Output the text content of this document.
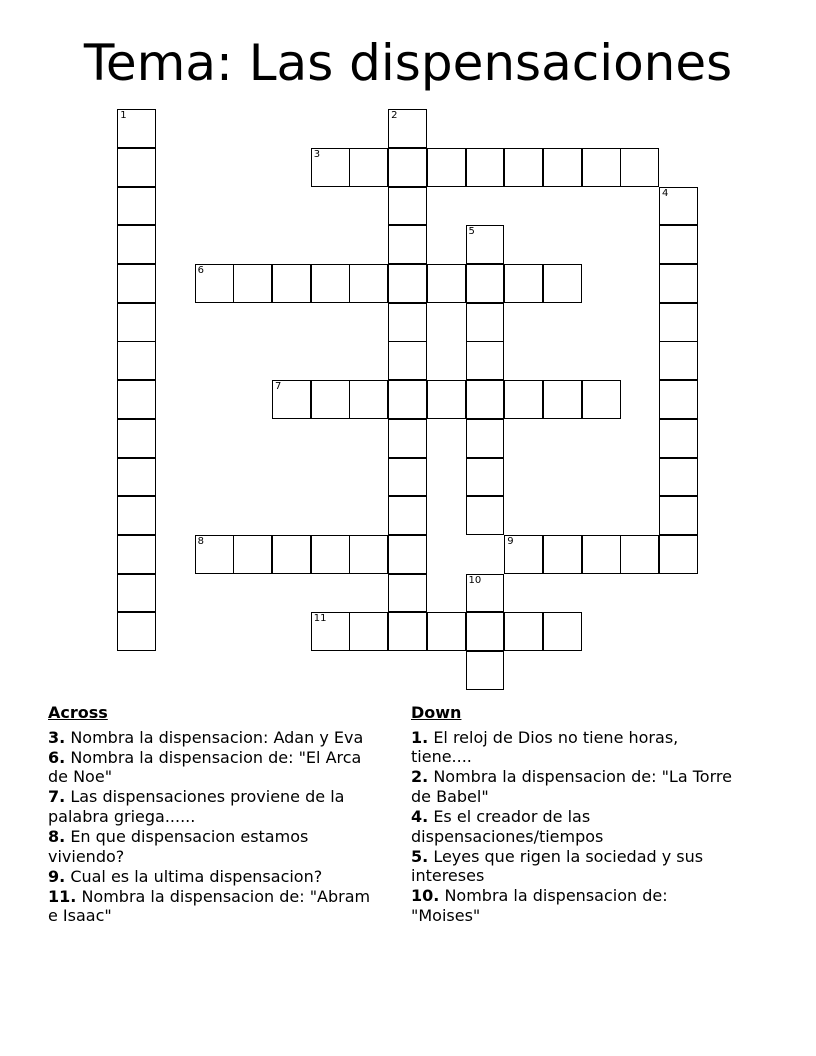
Tema: Las dispensaciones
1	2
3
4
5
6
7
8	9
10
11
Across
3. Nombra la dispensacion: Adan y Eva
6. Nombra la dispensacion de: "El Arca de Noe"
7. Las dispensaciones proviene de la palabra griega......
8. En que dispensacion estamos viviendo?
9. Cual es la ultima dispensacion?
11. Nombra la dispensacion de: "Abram e Isaac"
Down
1. El reloj de Dios no tiene horas, tiene....
2. Nombra la dispensacion de: "La Torre de Babel"
4. Es el creador de las dispensaciones/tiempos
5. Leyes que rigen la sociedad y sus intereses
10. Nombra la dispensacion de: "Moises"
